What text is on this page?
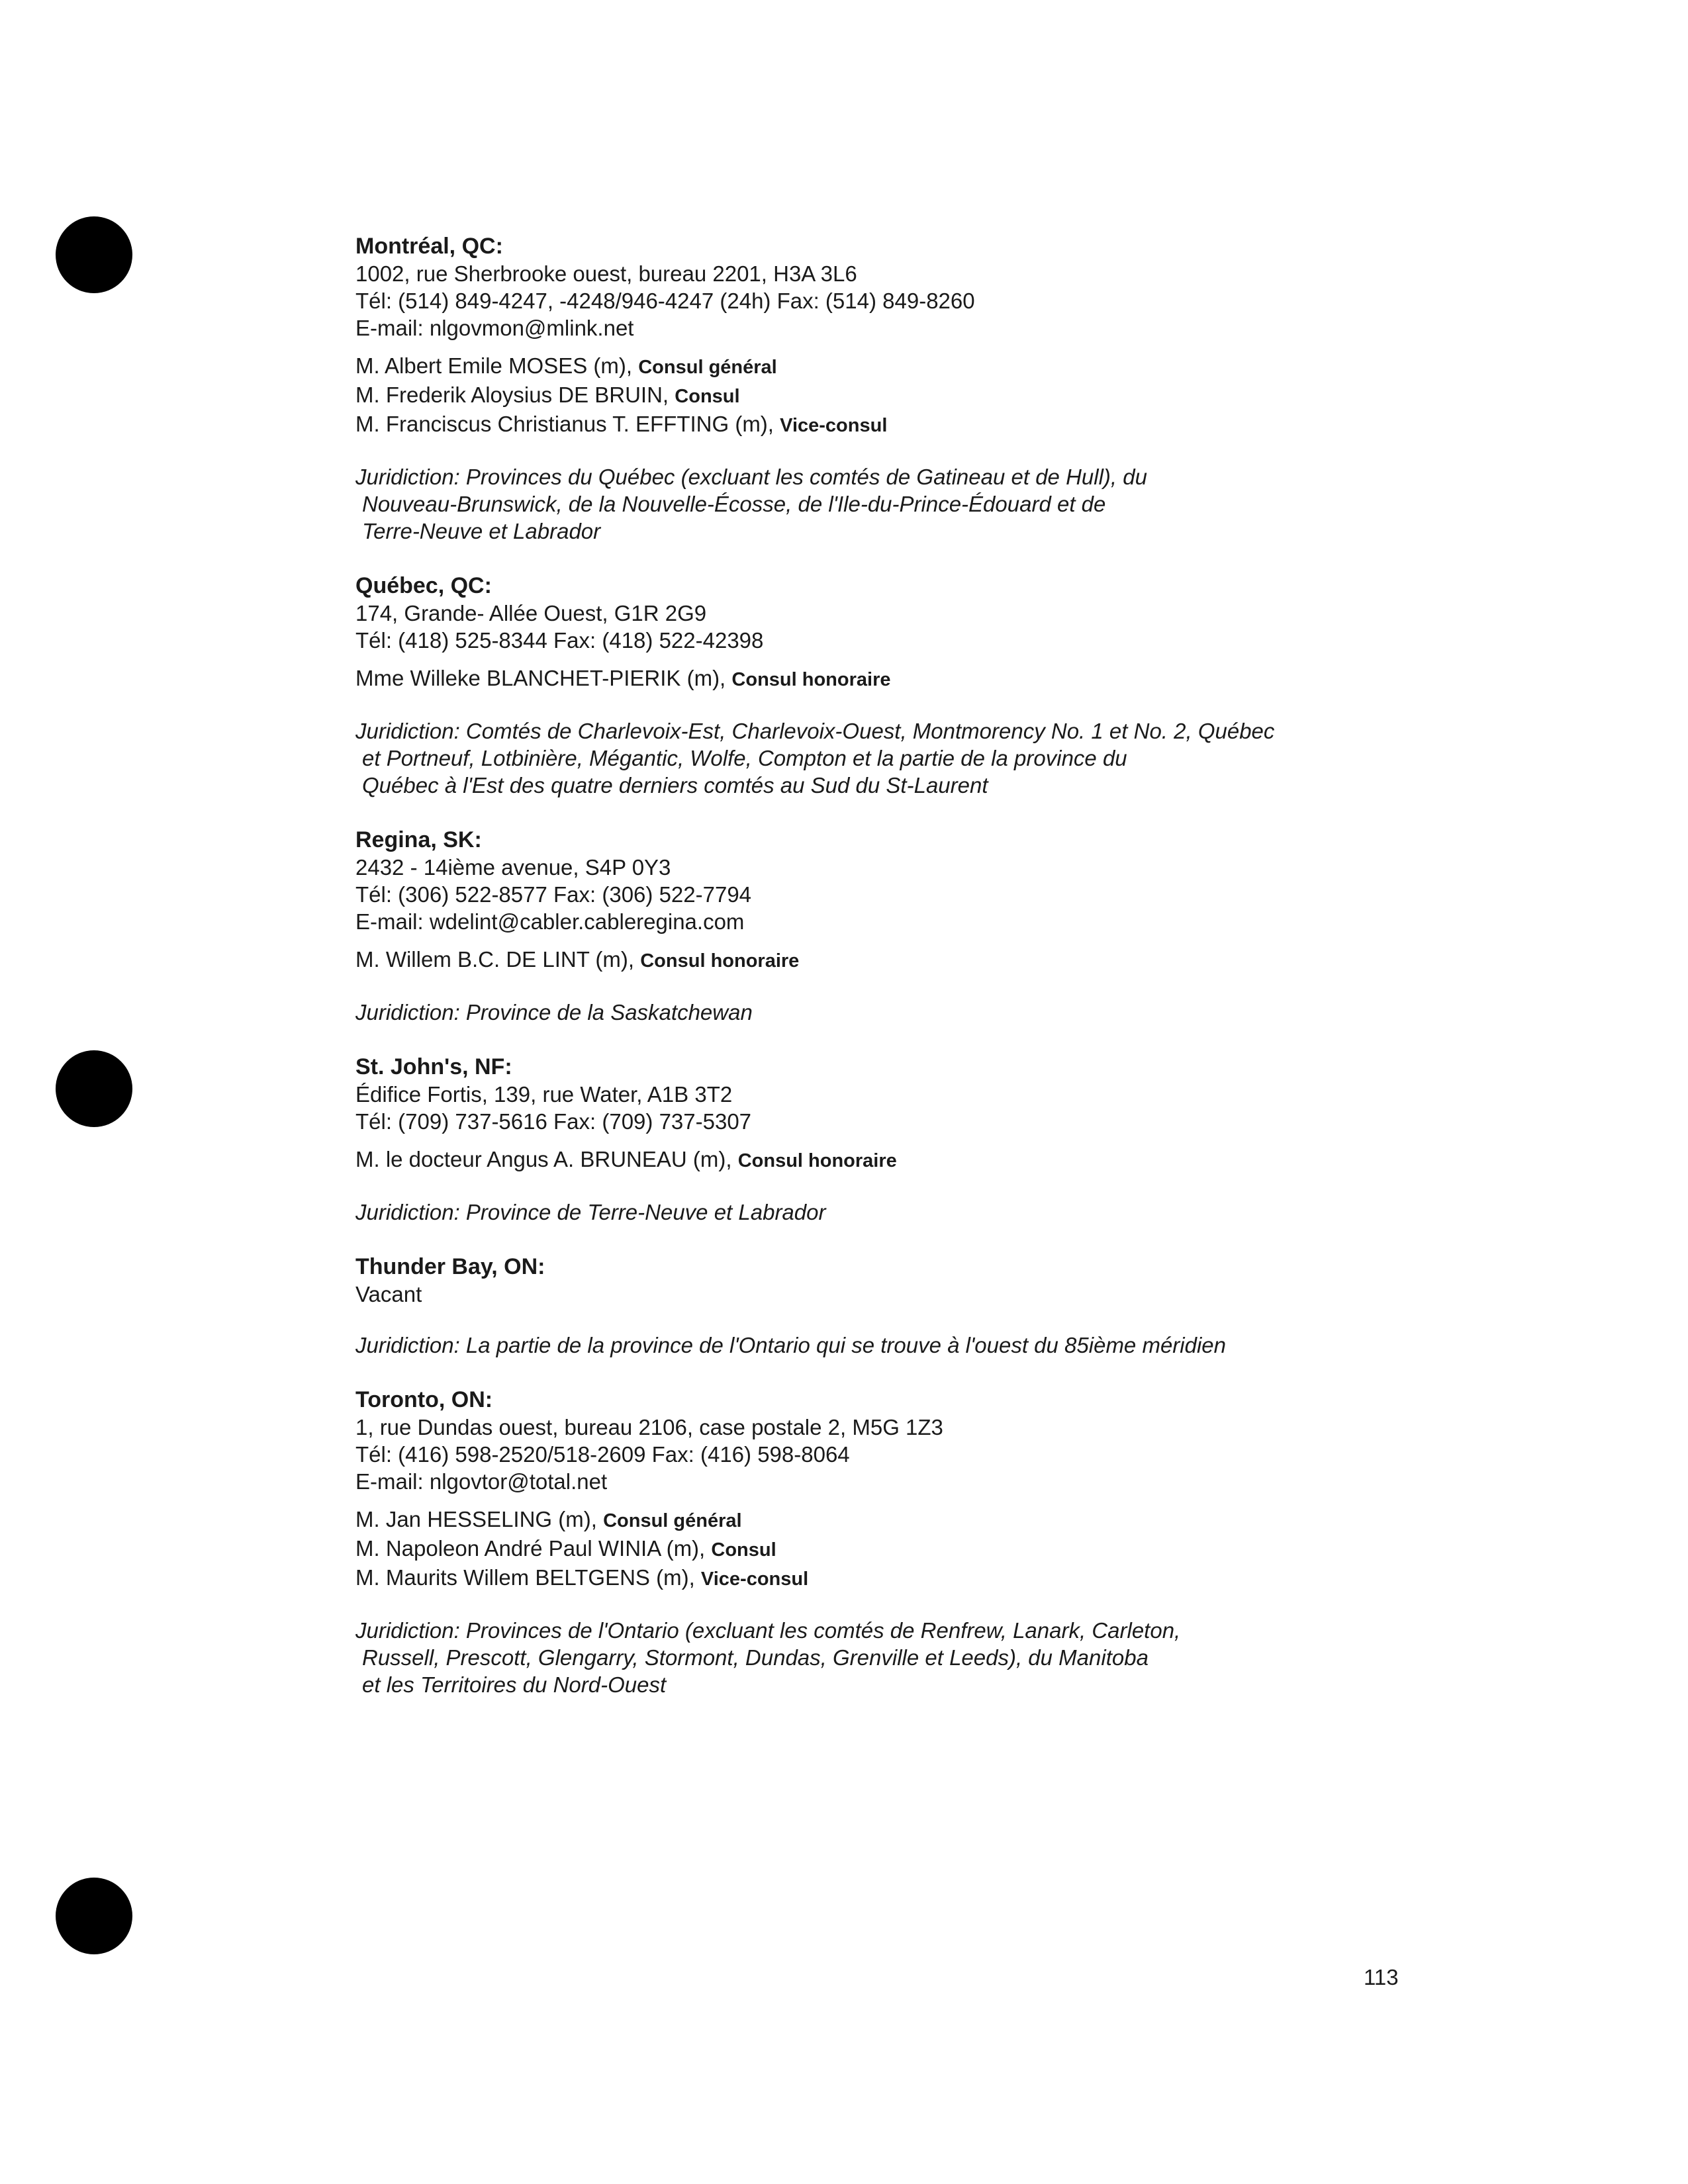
Montréal, QC:
1002, rue Sherbrooke ouest, bureau 2201, H3A 3L6
Tél: (514) 849-4247, -4248/946-4247 (24h) Fax: (514) 849-8260
E-mail: nlgovmon@mlink.net
M. Albert Emile MOSES (m), Consul général
M. Frederik Aloysius DE BRUIN, Consul
M. Franciscus Christianus T. EFFTING (m), Vice-consul
Juridiction: Provinces du Québec (excluant les comtés de Gatineau et de Hull), du
Nouveau-Brunswick, de la Nouvelle-Écosse, de l'Ile-du-Prince-Édouard et de
Terre-Neuve et Labrador
Québec, QC:
174, Grande- Allée Ouest, G1R 2G9
Tél: (418) 525-8344 Fax: (418) 522-42398
Mme Willeke BLANCHET-PIERIK (m), Consul honoraire
Juridiction: Comtés de Charlevoix-Est, Charlevoix-Ouest, Montmorency No. 1 et No. 2, Québec
et Portneuf, Lotbinière, Mégantic, Wolfe, Compton et la partie de la province du
Québec à l'Est des quatre derniers comtés au Sud du St-Laurent
Regina, SK:
2432 - 14ième avenue, S4P 0Y3
Tél: (306) 522-8577 Fax: (306) 522-7794
E-mail: wdelint@cabler.cableregina.com
M. Willem B.C. DE LINT (m), Consul honoraire
Juridiction: Province de la Saskatchewan
St. John's, NF:
Édifice Fortis, 139, rue Water, A1B 3T2
Tél: (709) 737-5616 Fax: (709) 737-5307
M. le docteur Angus A. BRUNEAU (m), Consul honoraire
Juridiction: Province de Terre-Neuve et Labrador
Thunder Bay, ON:
Vacant
Juridiction: La partie de la province de l'Ontario qui se trouve à l'ouest du 85ième méridien
Toronto, ON:
1, rue Dundas ouest, bureau 2106, case postale 2, M5G 1Z3
Tél: (416) 598-2520/518-2609 Fax: (416) 598-8064
E-mail: nlgovtor@total.net
M. Jan HESSELING (m), Consul général
M. Napoleon André Paul WINIA (m), Consul
M. Maurits Willem BELTGENS (m), Vice-consul
Juridiction: Provinces de l'Ontario (excluant les comtés de Renfrew, Lanark, Carleton,
Russell, Prescott, Glengarry, Stormont, Dundas, Grenville et Leeds), du Manitoba
et les Territoires du Nord-Ouest
113
